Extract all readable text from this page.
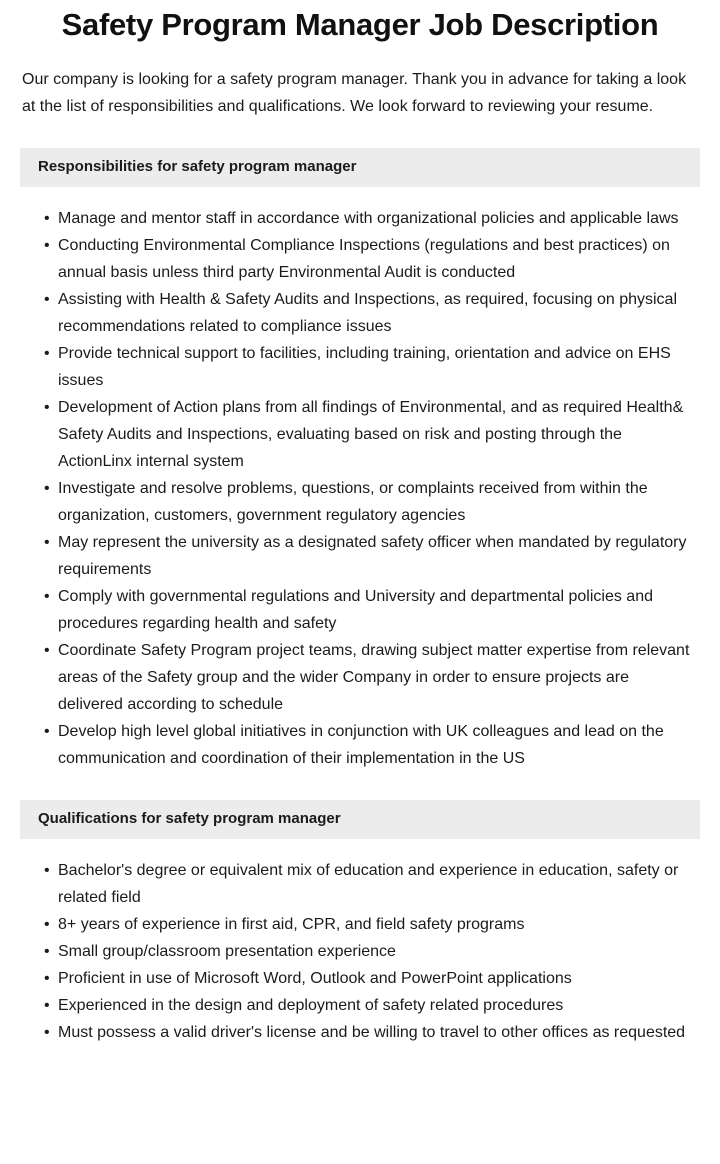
Safety Program Manager Job Description

Our company is looking for a safety program manager. Thank you in advance for taking a look at the list of responsibilities and qualifications. We look forward to reviewing your resume.

Responsibilities for safety program manager
• Manage and mentor staff in accordance with organizational policies and applicable laws
• Conducting Environmental Compliance Inspections (regulations and best practices) on annual basis unless third party Environmental Audit is conducted
• Assisting with Health & Safety Audits and Inspections, as required, focusing on physical recommendations related to compliance issues
• Provide technical support to facilities, including training, orientation and advice on EHS issues
• Development of Action plans from all findings of Environmental, and as required Health& Safety Audits and Inspections, evaluating based on risk and posting through the ActionLinx internal system
• Investigate and resolve problems, questions, or complaints received from within the organization, customers, government regulatory agencies
• May represent the university as a designated safety officer when mandated by regulatory requirements
• Comply with governmental regulations and University and departmental policies and procedures regarding health and safety
• Coordinate Safety Program project teams, drawing subject matter expertise from relevant areas of the Safety group and the wider Company in order to ensure projects are delivered according to schedule
• Develop high level global initiatives in conjunction with UK colleagues and lead on the communication and coordination of their implementation in the US
Qualifications for safety program manager
• Bachelor's degree or equivalent mix of education and experience in education, safety or related field
• 8+ years of experience in first aid, CPR, and field safety programs
• Small group/classroom presentation experience
• Proficient in use of Microsoft Word, Outlook and PowerPoint applications
• Experienced in the design and deployment of safety related procedures
• Must possess a valid driver's license and be willing to travel to other offices as requested
